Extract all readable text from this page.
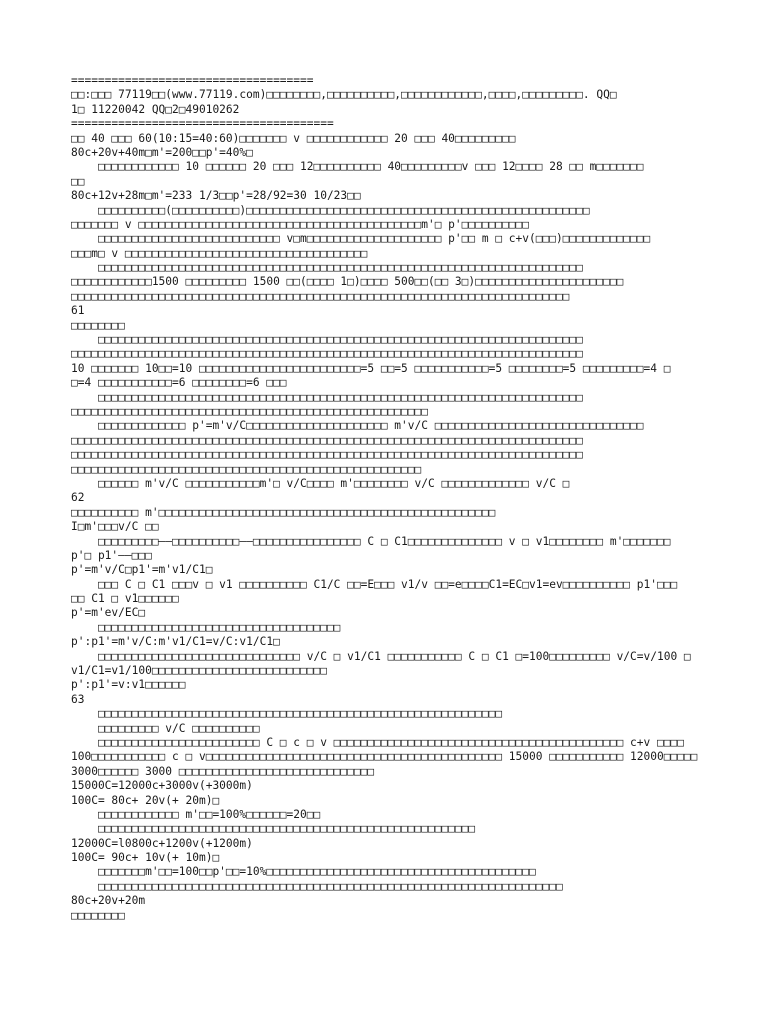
====================================
□□:□□□ 77119□□(www.77119.com)□□□□□□□□,□□□□□□□□□□,□□□□□□□□□□□□,□□□□,□□□□□□□□□. QQ□
1□ 11220042 QQ□2□49010262
=======================================
□□ 40 □□□ 60(10:15=40:60)□□□□□□□ v □□□□□□□□□□□□ 20 □□□ 40□□□□□□□□□
80c+20v+40m□m'=200□□p'=40%□
□□□□□□□□□□□□ 10 □□□□□□ 20 □□□ 12□□□□□□□□□□ 40□□□□□□□□□v □□□ 12□□□□ 28 □□ m□□□□□□□
□□
80c+12v+28m□m'=233 1/3□□p'=28/92=30 10/23□□
□□□□□□□□□□(□□□□□□□□□□)□□□□□□□□□□□□□□□□□□□□□□□□□□□□□□□□□□□□□□□□□□□□□□□□□□□
□□□□□□□ v □□□□□□□□□□□□□□□□□□□□□□□□□□□□□□□□□□□□□□□□□□m'□ p'□□□□□□□□□□
□□□□□□□□□□□□□□□□□□□□□□□□□□□ v□m□□□□□□□□□□□□□□□□□□□□ p'□□ m □ c+v(□□□)□□□□□□□□□□□□□
□□□m□ v □□□□□□□□□□□□□□□□□□□□□□□□□□□□□□□□□□□□
□□□□□□□□□□□□□□□□□□□□□□□□□□□□□□□□□□□□□□□□□□□□□□□□□□□□□□□□□□□□□□□□□□□□□□□□
□□□□□□□□□□□□1500 □□□□□□□□□ 1500 □□(□□□□ 1□)□□□□ 500□□(□□ 3□)□□□□□□□□□□□□□□□□□□□□□□
□□□□□□□□□□□□□□□□□□□□□□□□□□□□□□□□□□□□□□□□□□□□□□□□□□□□□□□□□□□□□□□□□□□□□□□□□□
61
□□□□□□□□
□□□□□□□□□□□□□□□□□□□□□□□□□□□□□□□□□□□□□□□□□□□□□□□□□□□□□□□□□□□□□□□□□□□□□□□□
□□□□□□□□□□□□□□□□□□□□□□□□□□□□□□□□□□□□□□□□□□□□□□□□□□□□□□□□□□□□□□□□□□□□□□□□□□□□
10 □□□□□□□ 10□□=10 □□□□□□□□□□□□□□□□□□□□□□□□=5 □□=5 □□□□□□□□□□□=5 □□□□□□□□=5 □□□□□□□□□=4 □
□=4 □□□□□□□□□□□=6 □□□□□□□□=6 □□□
□□□□□□□□□□□□□□□□□□□□□□□□□□□□□□□□□□□□□□□□□□□□□□□□□□□□□□□□□□□□□□□□□□□□□□□□
□□□□□□□□□□□□□□□□□□□□□□□□□□□□□□□□□□□□□□□□□□□□□□□□□□□□□
□□□□□□□□□□□□□ p'=m'v/C□□□□□□□□□□□□□□□□□□□□□ m'v/C □□□□□□□□□□□□□□□□□□□□□□□□□□□□□□□
□□□□□□□□□□□□□□□□□□□□□□□□□□□□□□□□□□□□□□□□□□□□□□□□□□□□□□□□□□□□□□□□□□□□□□□□□□□□
□□□□□□□□□□□□□□□□□□□□□□□□□□□□□□□□□□□□□□□□□□□□□□□□□□□□□□□□□□□□□□□□□□□□□□□□□□□□
□□□□□□□□□□□□□□□□□□□□□□□□□□□□□□□□□□□□□□□□□□□□□□□□□□□□
□□□□□□ m'v/C □□□□□□□□□□□m'□ v/C□□□□ m'□□□□□□□□ v/C □□□□□□□□□□□□□ v/C □
62
□□□□□□□□□□ m'□□□□□□□□□□□□□□□□□□□□□□□□□□□□□□□□□□□□□□□□□□□□□□□□□□
I□m'□□□v/C □□
□□□□□□□□□——□□□□□□□□□□——□□□□□□□□□□□□□□□□ C □ C1□□□□□□□□□□□□□□ v □ v1□□□□□□□□ m'□□□□□□□
p'□ p1'——□□□
p'=m'v/C□p1'=m'v1/C1□
□□□ C □ C1 □□□v □ v1 □□□□□□□□□□ C1/C □□=E□□□ v1/v □□=e□□□□C1=EC□v1=ev□□□□□□□□□□ p1'□□□
□□ C1 □ v1□□□□□□
p'=m'ev/EC□
□□□□□□□□□□□□□□□□□□□□□□□□□□□□□□□□□□□□
p':p1'=m'v/C:m'v1/C1=v/C:v1/C1□
□□□□□□□□□□□□□□□□□□□□□□□□□□□□□□ v/C □ v1/C1 □□□□□□□□□□□ C □ C1 □=100□□□□□□□□□ v/C=v/100 □
v1/C1=v1/100□□□□□□□□□□□□□□□□□□□□□□□□□□
p':p1'=v:v1□□□□□□
63
□□□□□□□□□□□□□□□□□□□□□□□□□□□□□□□□□□□□□□□□□□□□□□□□□□□□□□□□□□□□
□□□□□□□□□ v/C □□□□□□□□□□
□□□□□□□□□□□□□□□□□□□□□□□□ C □ c □ v □□□□□□□□□□□□□□□□□□□□□□□□□□□□□□□□□□□□□□□□□□□ c+v □□□□
100□□□□□□□□□□□ c □ v□□□□□□□□□□□□□□□□□□□□□□□□□□□□□□□□□□□□□□□□□□□□ 15000 □□□□□□□□□□□ 12000□□□□□
3000□□□□□□ 3000 □□□□□□□□□□□□□□□□□□□□□□□□□□□□□
15000C=12000c+3000v(+3000m)
100C= 80c+ 20v(+ 20m)□
□□□□□□□□□□□□ m'□□=100%□□□□□□=20□□
□□□□□□□□□□□□□□□□□□□□□□□□□□□□□□□□□□□□□□□□□□□□□□□□□□□□□□□□
12000C=l0800c+1200v(+1200m)
100C= 90c+ 10v(+ 10m)□
□□□□□□□m'□□=100□□p'□□=10%□□□□□□□□□□□□□□□□□□□□□□□□□□□□□□□□□□□□□□□□
□□□□□□□□□□□□□□□□□□□□□□□□□□□□□□□□□□□□□□□□□□□□□□□□□□□□□□□□□□□□□□□□□□□□□
80c+20v+20m
□□□□□□□□
